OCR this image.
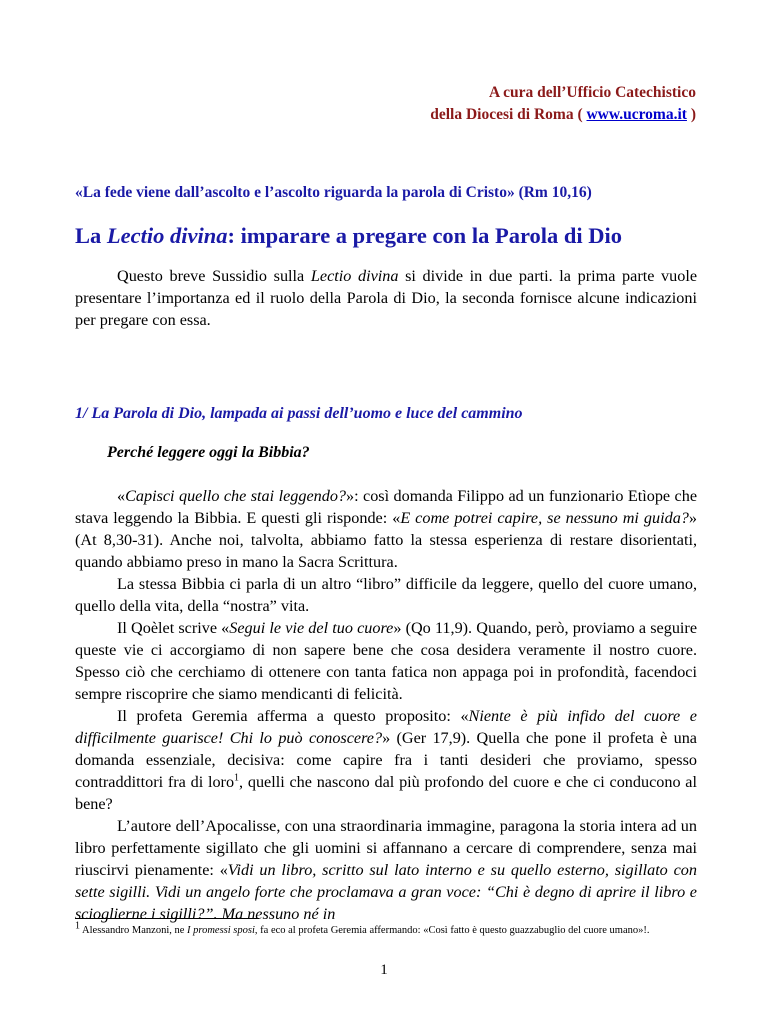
A cura dell’Ufficio Catechistico
della Diocesi di Roma ( www.ucroma.it )
«La fede viene dall’ascolto e l’ascolto riguarda la parola di Cristo» (Rm 10,16)
La Lectio divina: imparare a pregare con la Parola di Dio

Questo breve Sussidio sulla Lectio divina si divide in due parti. la prima parte vuole presentare l’importanza ed il ruolo della Parola di Dio, la seconda fornisce alcune indicazioni per pregare con essa.

1/ La Parola di Dio, lampada ai passi dell’uomo e luce del cammino
Perché leggere oggi la Bibbia?

«Capisci quello che stai leggendo?»: così domanda Filippo ad un funzionario Etìope che stava leggendo la Bibbia. E questi gli risponde: «E come potrei capire, se nessuno mi guida?» (At 8,30-31). Anche noi, talvolta, abbiamo fatto la stessa esperienza di restare disorientati, quando abbiamo preso in mano la Sacra Scrittura.

La stessa Bibbia ci parla di un altro “libro” difficile da leggere, quello del cuore umano, quello della vita, della “nostra” vita.

Il Qoèlet scrive «Segui le vie del tuo cuore» (Qo 11,9). Quando, però, proviamo a seguire queste vie ci accorgiamo di non sapere bene che cosa desidera veramente il nostro cuore. Spesso ciò che cerchiamo di ottenere con tanta fatica non appaga poi in profondità, facendoci sempre riscoprire che siamo mendicanti di felicità.

Il profeta Geremia afferma a questo proposito: «Niente è più infido del cuore e difficilmente guarisce! Chi lo può conoscere?» (Ger 17,9). Quella che pone il profeta è una domanda essenziale, decisiva: come capire fra i tanti desideri che proviamo, spesso contraddittori fra di loro$^1$, quelli che nascono dal più profondo del cuore e che ci conducono al bene?

L’autore dell’Apocalisse, con una straordinaria immagine, paragona la storia intera ad un libro perfettamente sigillato che gli uomini si affannano a cercare di comprendere, senza mai riuscirvi pienamente: «Vidi un libro, scritto sul lato interno e su quello esterno, sigillato con sette sigilli. Vidi un angelo forte che proclamava a gran voce: “Chi è degno di aprire il libro e scioglierne i sigilli?”. Ma nessuno né in

$^1$ Alessandro Manzoni, ne I promessi sposi, fa eco al profeta Geremia affermando: «Così fatto è questo guazzabuglio del cuore umano»!.
1
